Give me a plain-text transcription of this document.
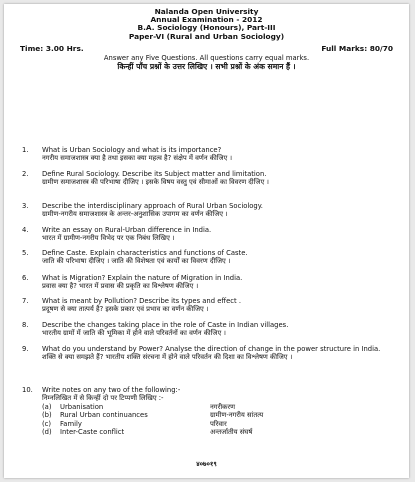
Nalanda Open University
Annual Examination - 2012
B.A. Sociology (Honours), Part-III
Paper-VI (Rural and Urban Sociology)
Time: 3.00 Hrs.	Full Marks: 80/70
Answer any Five Questions. All questions carry equal marks.
किन्हीं पाँच प्रश्नों के उत्तर लिखिए । सभी प्रश्नों के अंक समान हैं ।
1. What is Urban Sociology and what is its importance?
नगरीय समाजशास्त्र क्या है तथा इसका क्या महत्व है? संक्षेप में वर्णन कीजिए ।
2. Define Rural Sociology. Describe its Subject matter and limitation.
ग्रामीण समाजशास्त्र की परिभाषा दीजिए । इसके विषय वस्तु एवं सीमाओं का विवरण दीजिए ।
3. Describe the interdisciplinary approach of Rural Urban Sociology.
ग्रामीण-नगरीय समाजशास्त्र के अन्तर-अनुशासिक उपागम का वर्णन कीजिए ।
4. Write an essay on Rural-Urban difference in India.
भारत में ग्रामीण-नगरीय विभेद पर एक निबंध लिखिए ।
5. Define Caste. Explain characteristics and functions of Caste.
जाति की परिभाषा दीजिए । जाति की विशेषता एवं कार्यों का विवरण दीजिए ।
6. What is Migration? Explain the nature of Migration in India.
प्रवास क्या है? भारत में प्रवास की प्रकृति का विश्लेषण कीजिए ।
7. What is meant by Pollution? Describe its types and effect .
प्रदूषण से क्या तात्पर्य है? इसके प्रकार एवं प्रभाव का वर्णन कीजिए ।
8. Describe the changes taking place in the role of Caste in Indian villages.
भारतीय ग्रामों में जाति की भूमिका में होने वाले परिवर्तनों का वर्णन कीजिए ।
9. What do you understand by Power? Analyse the direction of change in the power structure in India.
शक्ति से क्या समझते हैं? भारतीय शक्ति संरचना में होने वाले परिवर्तन की दिशा का विश्लेषण कीजिए ।
10. Write notes on any two of the following:-
निम्नलिखित में से किन्हीं दो पर टिप्पणी लिखिए :-
(a)	Urbanisation	नगरीकरण
(b)	Rural Urban continuances	ग्रामीण-नगरीय सांतत्य
(c)	Family	परिवार
(d)	Inter-Caste conflict	अन्तर्जातीय संघर्ष
४०७०१९
